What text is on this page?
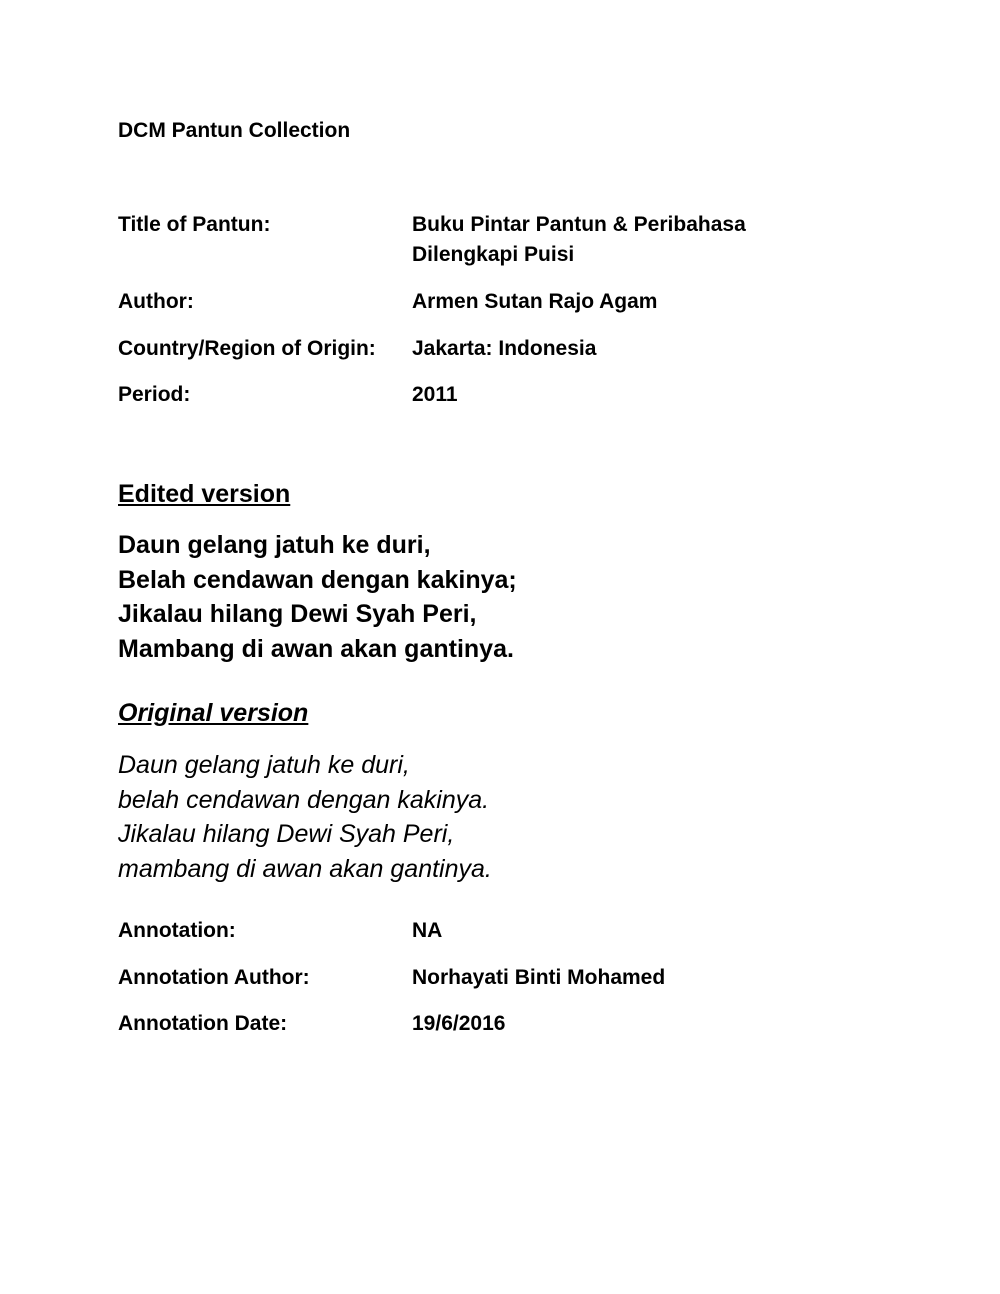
DCM Pantun Collection
Title of Pantun:	Buku Pintar Pantun & Peribahasa
Dilengkapi Puisi
Author:	Armen Sutan Rajo Agam
Country/Region of Origin:	Jakarta: Indonesia
Period:	2011
Edited version
Daun gelang jatuh ke duri,
Belah cendawan dengan kakinya;
Jikalau hilang Dewi Syah Peri,
Mambang di awan akan gantinya.
Original version
Daun gelang jatuh ke duri,
belah cendawan dengan kakinya.
Jikalau hilang Dewi Syah Peri,
mambang di awan akan gantinya.
Annotation:	NA
Annotation Author:	Norhayati Binti Mohamed
Annotation Date:	19/6/2016
